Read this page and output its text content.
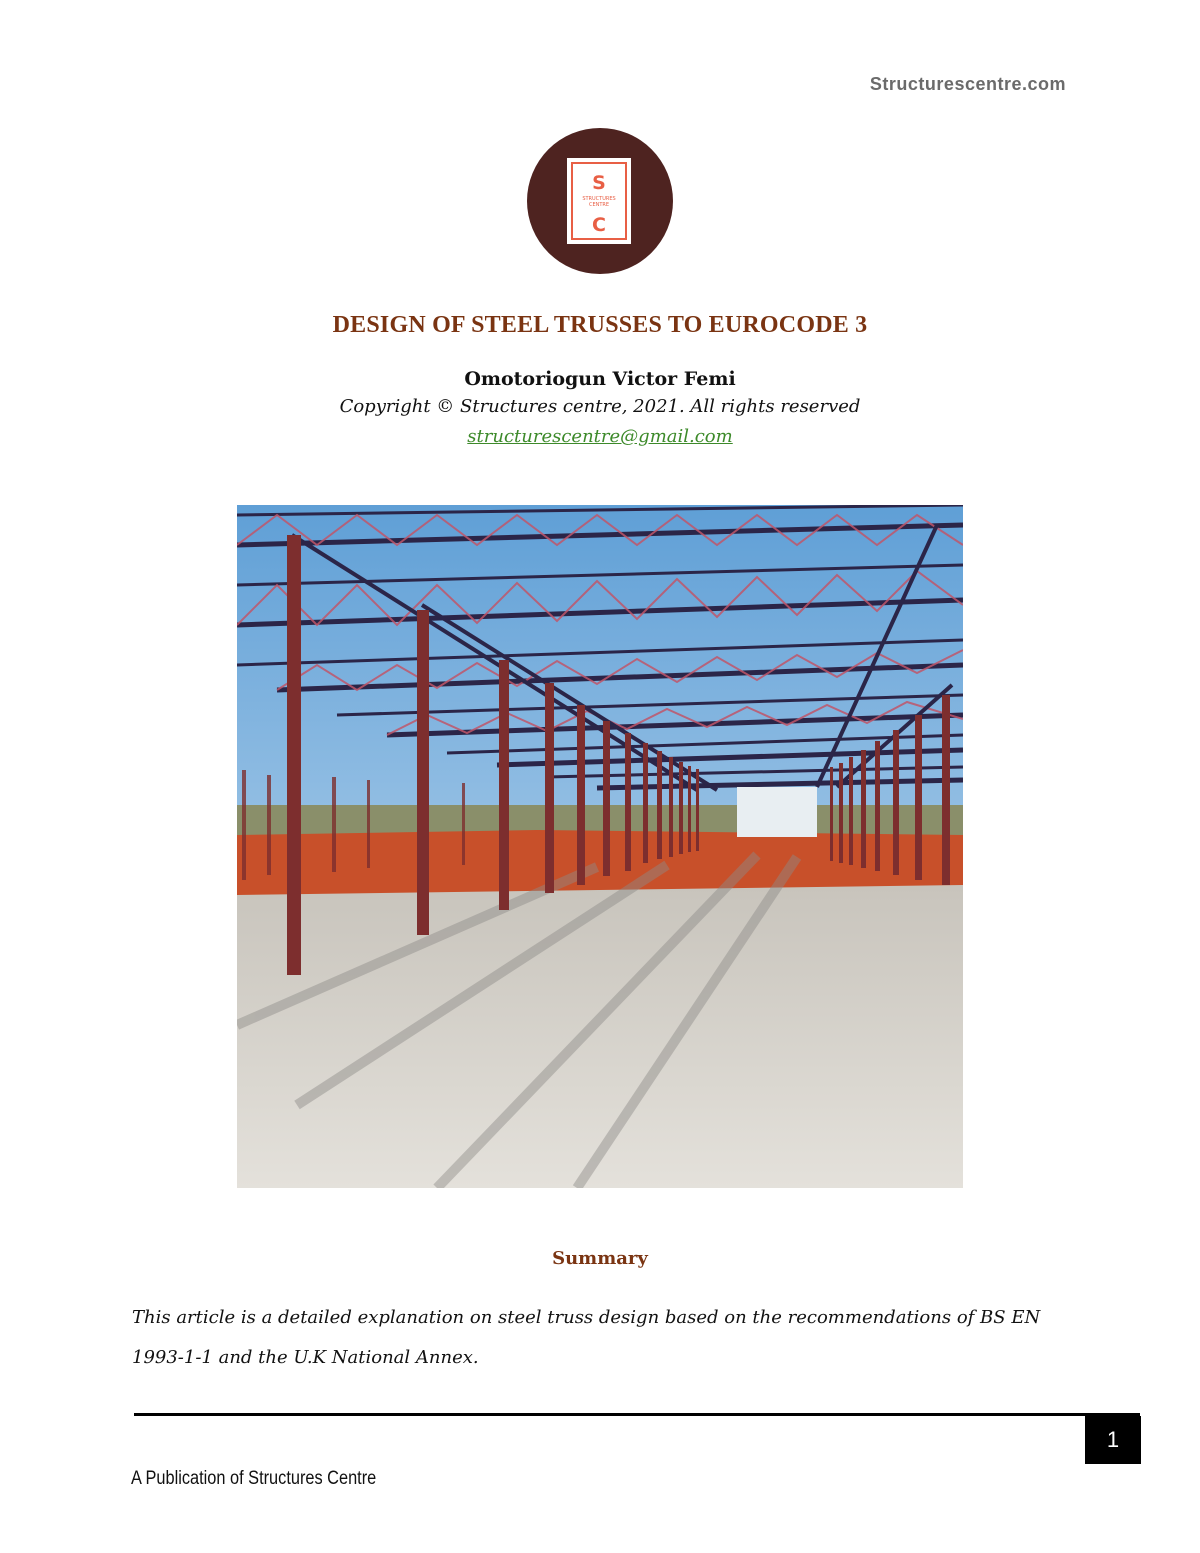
Structurescentre.com
S
STRUCTURES
CENTRE
C
DESIGN OF STEEL TRUSSES TO EUROCODE 3
Omotoriogun Victor Femi
Copyright © Structures centre, 2021. All rights reserved
structurescentre@gmail.com
Summary
This article is a detailed explanation on steel truss design based on the recommendations of BS EN 1993-1-1 and the U.K National Annex.
1
A Publication of Structures Centre
